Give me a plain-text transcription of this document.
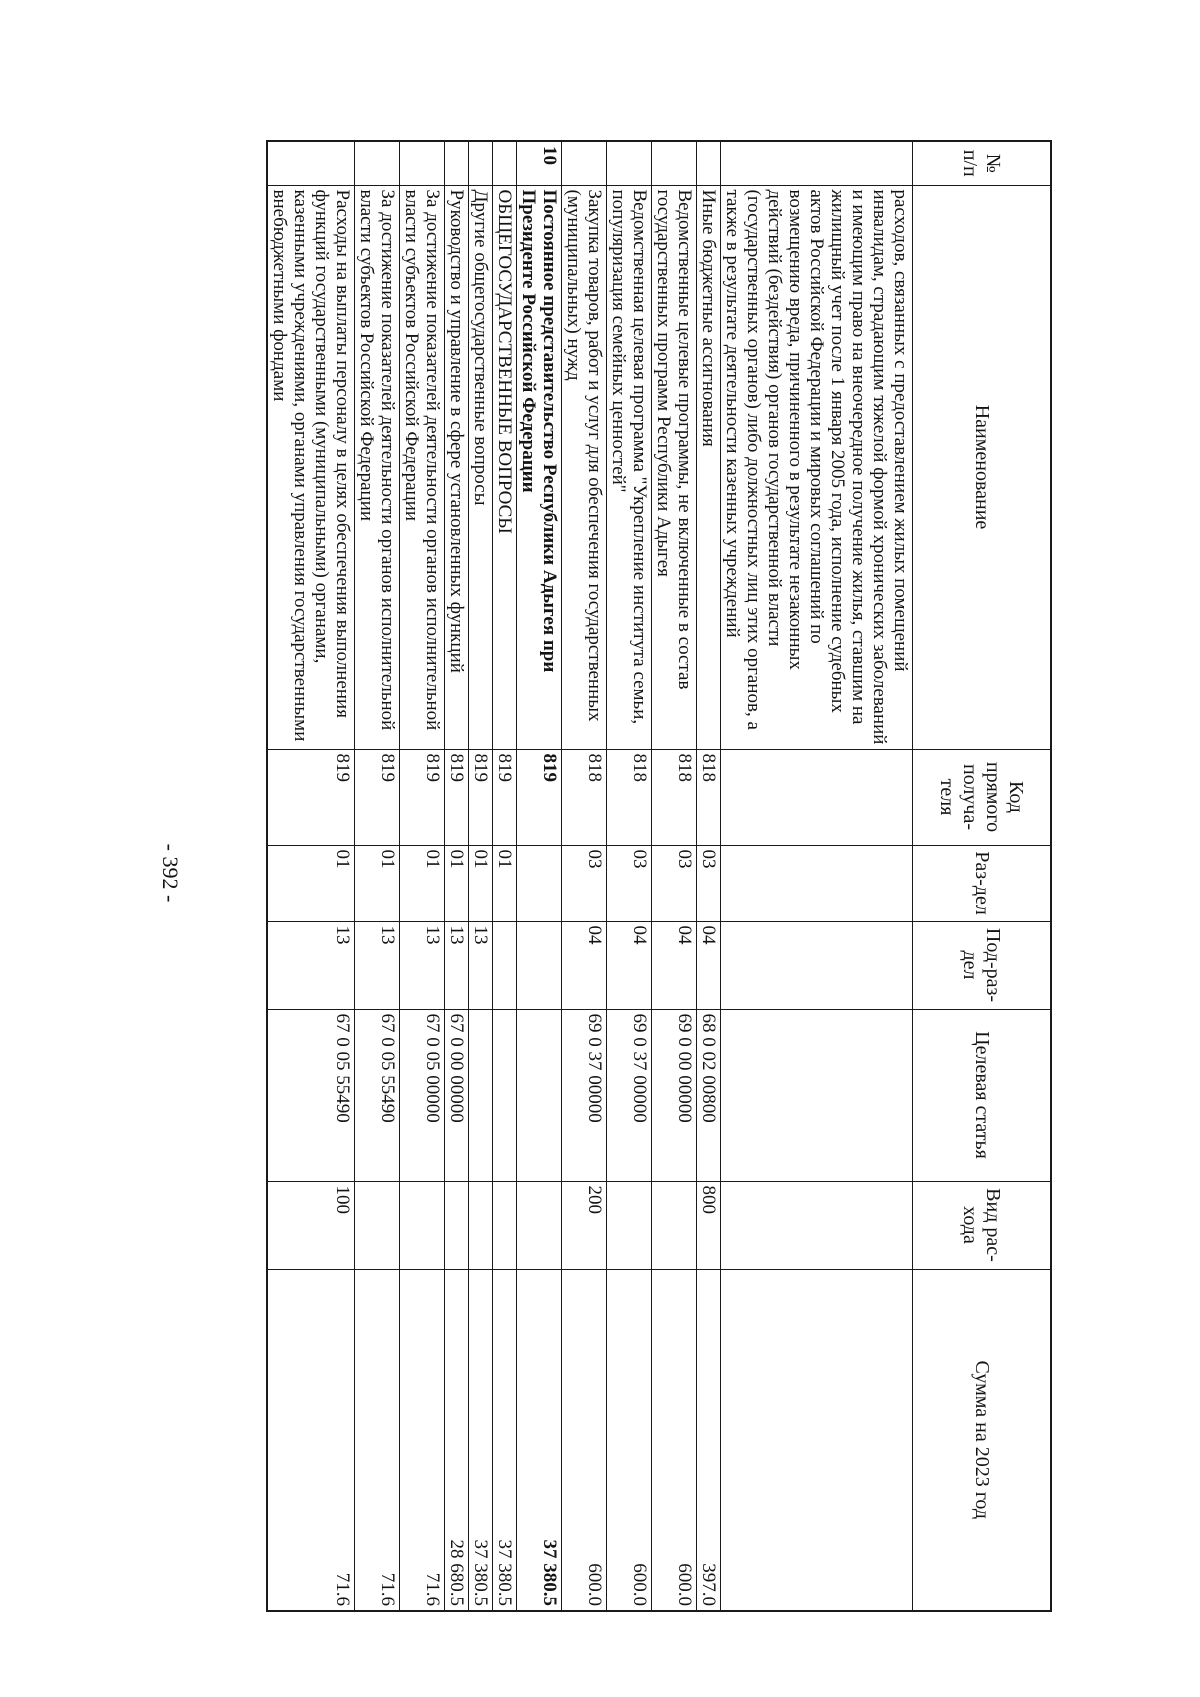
- 392 -
№ п/п	Наименование	Код прямого получа-теля	Раз-дел	Под-раз-дел	Целевая статья	Вид рас-хода	Сумма на 2023 год
	расходов, связанных с предоставлением жилых помещений инвалидам, страдающим тяжелой формой хронических заболеваний и имеющим право на внеочередное получение жилья, ставшим на жилищный учет после 1 января 2005 года, исполнение судебных актов Российской Федерации и мировых соглашений по возмещению вреда, причиненного в результате незаконных действий (бездействия) органов государственной власти (государственных органов) либо должностных лиц этих органов, а также в результате деятельности казенных учреждений						
	Иные бюджетные ассигнования	818	03	04	68 0 02 00800	800	397.0
	Ведомственные целевые программы, не включенные в состав государственных программ Республики Адыгея	818	03	04	69 0 00 00000		600.0
	Ведомственная целевая программа "Укрепление института семьи, популяризация семейных ценностей"	818	03	04	69 0 37 00000		600.0
	Закупка товаров, работ и услуг для обеспечения государственных (муниципальных) нужд	818	03	04	69 0 37 00000	200	600.0
10	Постоянное представительство Республики Адыгея при Президенте Российской Федерации	819					37 380.5
	ОБЩЕГОСУДАРСТВЕННЫЕ ВОПРОСЫ	819	01				37 380.5
	Другие общегосударственные вопросы	819	01	13			37 380.5
	Руководство и управление в сфере установленных функций	819	01	13	67 0 00 00000		28 680.5
	За достижение показателей деятельности органов исполнительной власти субъектов Российской Федерации	819	01	13	67 0 05 00000		71.6
	За достижение показателей деятельности органов исполнительной власти субъектов Российской Федерации	819	01	13	67 0 05 55490		71.6
	Расходы на выплаты персоналу в целях обеспечения выполнения функций государственными (муниципальными) органами, казенными учреждениями, органами управления государственными внебюджетными фондами	819	01	13	67 0 05 55490	100	71.6
